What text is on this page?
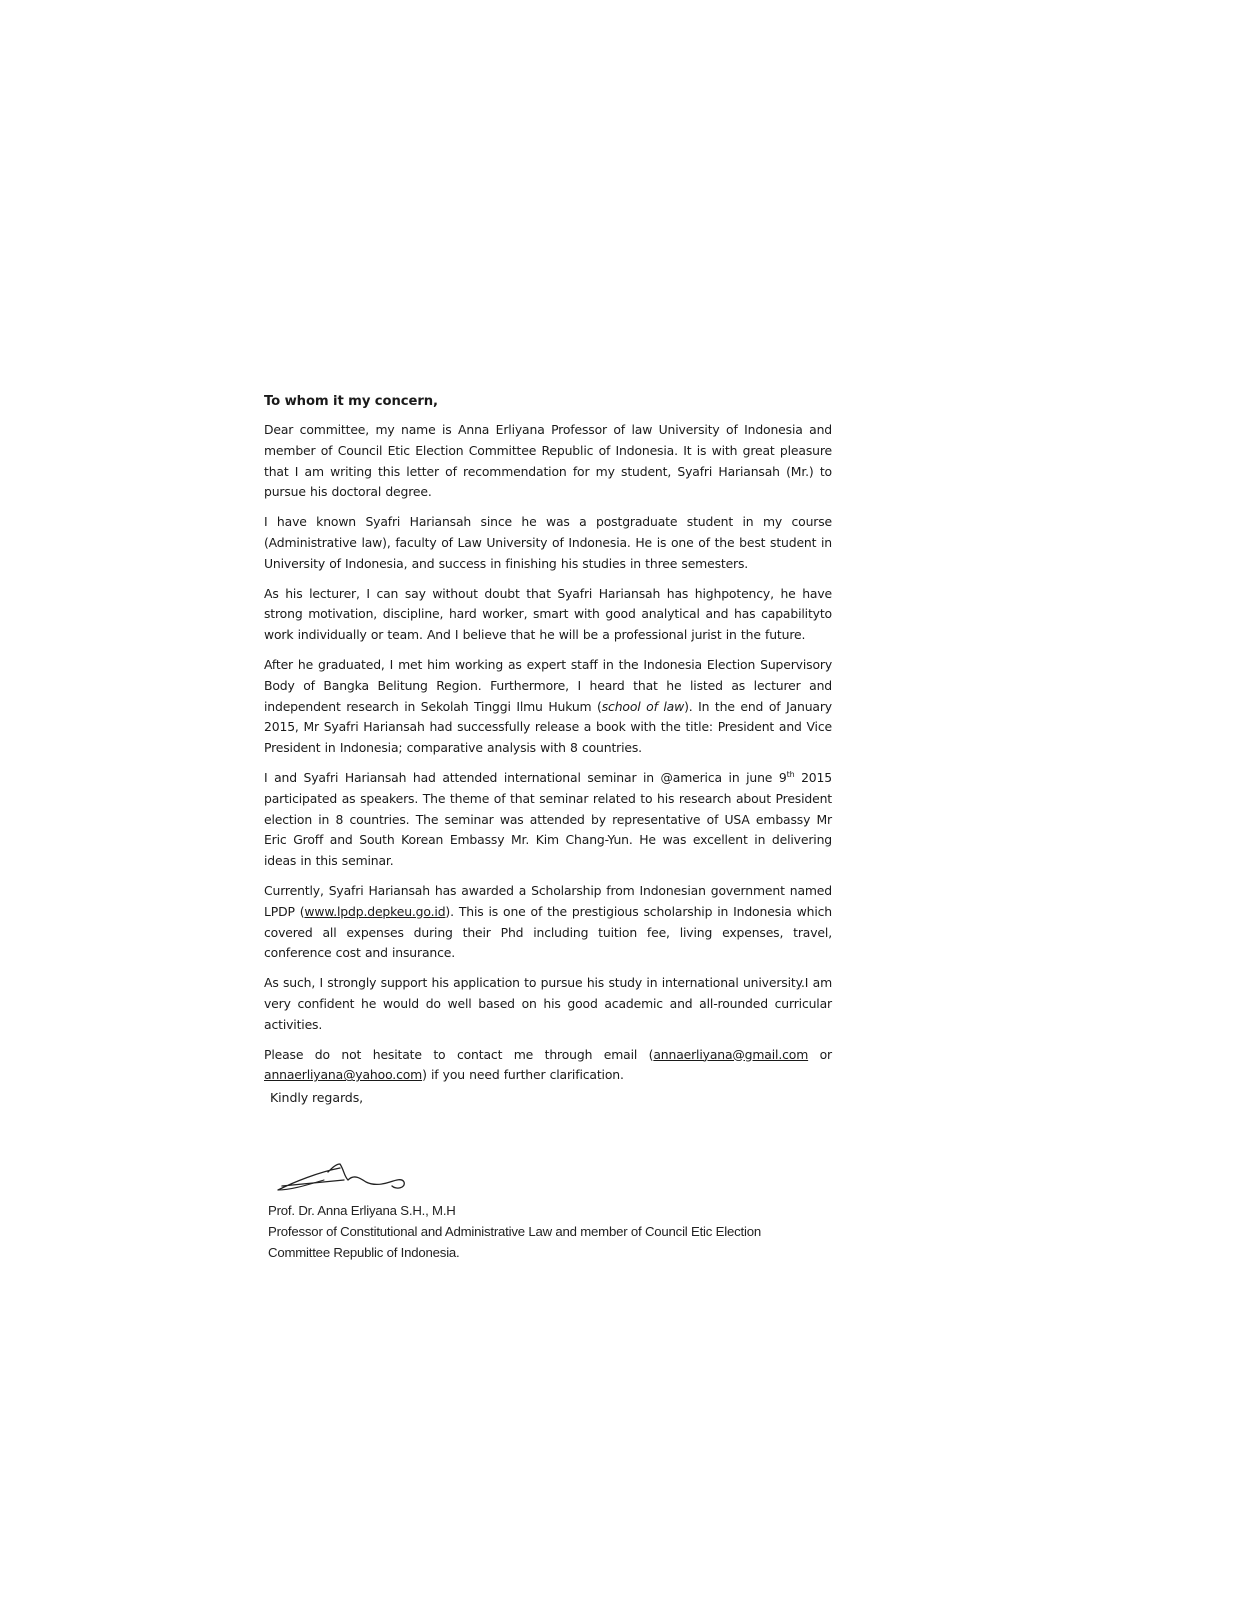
To whom it my concern,

Dear committee, my name is Anna Erliyana Professor of law University of Indonesia and member of Council Etic Election Committee Republic of Indonesia. It is with great pleasure that I am writing this letter of recommendation for my student, Syafri Hariansah (Mr.) to pursue his doctoral degree.

I have known Syafri Hariansah since he was a postgraduate student in my course (Administrative law), faculty of Law University of Indonesia. He is one of the best student in University of Indonesia, and success in finishing his studies in three semesters.

As his lecturer, I can say without doubt that Syafri Hariansah has highpotency, he have strong motivation, discipline, hard worker, smart with good analytical and has capabilityto work individually or team. And I believe that he will be a professional jurist in the future.

After he graduated, I met him working as expert staff in the Indonesia Election Supervisory Body of Bangka Belitung Region. Furthermore, I heard that he listed as lecturer and independent research in Sekolah Tinggi Ilmu Hukum (school of law). In the end of January 2015, Mr Syafri Hariansah had successfully release a book with the title: President and Vice President in Indonesia; comparative analysis with 8 countries.

I and Syafri Hariansah had attended international seminar in @america in june 9th 2015 participated as speakers. The theme of that seminar related to his research about President election in 8 countries. The seminar was attended by representative of USA embassy Mr Eric Groff and South Korean Embassy Mr. Kim Chang-Yun. He was excellent in delivering ideas in this seminar.

Currently, Syafri Hariansah has awarded a Scholarship from Indonesian government named LPDP (www.lpdp.depkeu.go.id). This is one of the prestigious scholarship in Indonesia which covered all expenses during their Phd including tuition fee, living expenses, travel, conference cost and insurance.

As such, I strongly support his application to pursue his study in international university.I am very confident he would do well based on his good academic and all-rounded curricular activities.

Please do not hesitate to contact me through email (annaerliyana@gmail.com or annaerliyana@yahoo.com) if you need further clarification.

Kindly regards,

Prof. Dr. Anna Erliyana S.H., M.H
Professor of Constitutional and Administrative Law and member of Council Etic Election
Committee Republic of Indonesia.
